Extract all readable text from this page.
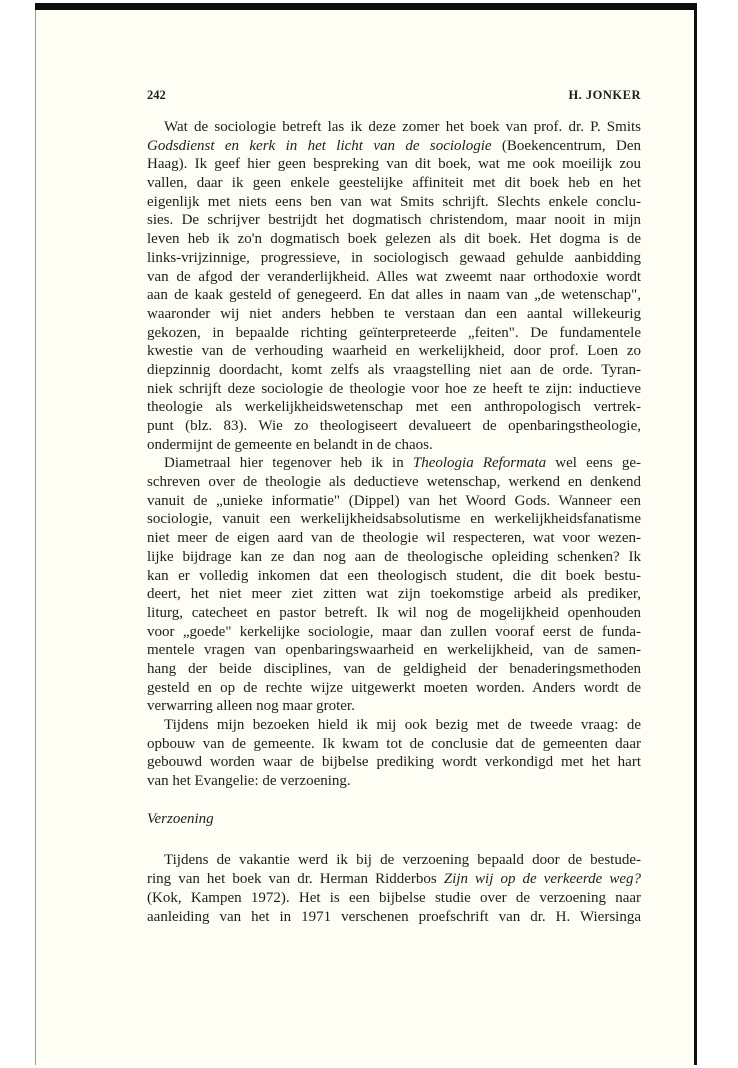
242	H. JONKER
Wat de sociologie betreft las ik deze zomer het boek van prof. dr. P. Smits
Godsdienst en kerk in het licht van de sociologie (Boekencentrum, Den
Haag). Ik geef hier geen bespreking van dit boek, wat me ook moeilijk zou
vallen, daar ik geen enkele geestelijke affiniteit met dit boek heb en het
eigenlijk met niets eens ben van wat Smits schrijft. Slechts enkele conclu-
sies. De schrijver bestrijdt het dogmatisch christendom, maar nooit in mijn
leven heb ik zo'n dogmatisch boek gelezen als dit boek. Het dogma is de
links-vrijzinnige, progressieve, in sociologisch gewaad gehulde aanbidding
van de afgod der veranderlijkheid. Alles wat zweemt naar orthodoxie wordt
aan de kaak gesteld of genegeerd. En dat alles in naam van „de wetenschap",
waaronder wij niet anders hebben te verstaan dan een aantal willekeurig
gekozen, in bepaalde richting geïnterpreteerde „feiten". De fundamentele
kwestie van de verhouding waarheid en werkelijkheid, door prof. Loen zo
diepzinnig doordacht, komt zelfs als vraagstelling niet aan de orde. Tyran-
niek schrijft deze sociologie de theologie voor hoe ze heeft te zijn: inductieve
theologie als werkelijkheidswetenschap met een anthropologisch vertrek-
punt (blz. 83). Wie zo theologiseert devalueert de openbaringstheologie,
ondermijnt de gemeente en belandt in de chaos.
Diametraal hier tegenover heb ik in Theologia Reformata wel eens ge-
schreven over de theologie als deductieve wetenschap, werkend en denkend
vanuit de „unieke informatie" (Dippel) van het Woord Gods. Wanneer een
sociologie, vanuit een werkelijkheidsabsolutisme en werkelijkheidsfanatisme
niet meer de eigen aard van de theologie wil respecteren, wat voor wezen-
lijke bijdrage kan ze dan nog aan de theologische opleiding schenken? Ik
kan er volledig inkomen dat een theologisch student, die dit boek bestu-
deert, het niet meer ziet zitten wat zijn toekomstige arbeid als prediker,
liturg, catecheet en pastor betreft. Ik wil nog de mogelijkheid openhouden
voor „goede" kerkelijke sociologie, maar dan zullen vooraf eerst de funda-
mentele vragen van openbaringswaarheid en werkelijkheid, van de samen-
hang der beide disciplines, van de geldigheid der benaderingsmethoden
gesteld en op de rechte wijze uitgewerkt moeten worden. Anders wordt de
verwarring alleen nog maar groter.
Tijdens mijn bezoeken hield ik mij ook bezig met de tweede vraag: de
opbouw van de gemeente. Ik kwam tot de conclusie dat de gemeenten daar
gebouwd worden waar de bijbelse prediking wordt verkondigd met het hart
van het Evangelie: de verzoening.
Verzoening
Tijdens de vakantie werd ik bij de verzoening bepaald door de bestude-
ring van het boek van dr. Herman Ridderbos Zijn wij op de verkeerde weg?
(Kok, Kampen 1972). Het is een bijbelse studie over de verzoening naar
aanleiding van het in 1971 verschenen proefschrift van dr. H. Wiersinga
